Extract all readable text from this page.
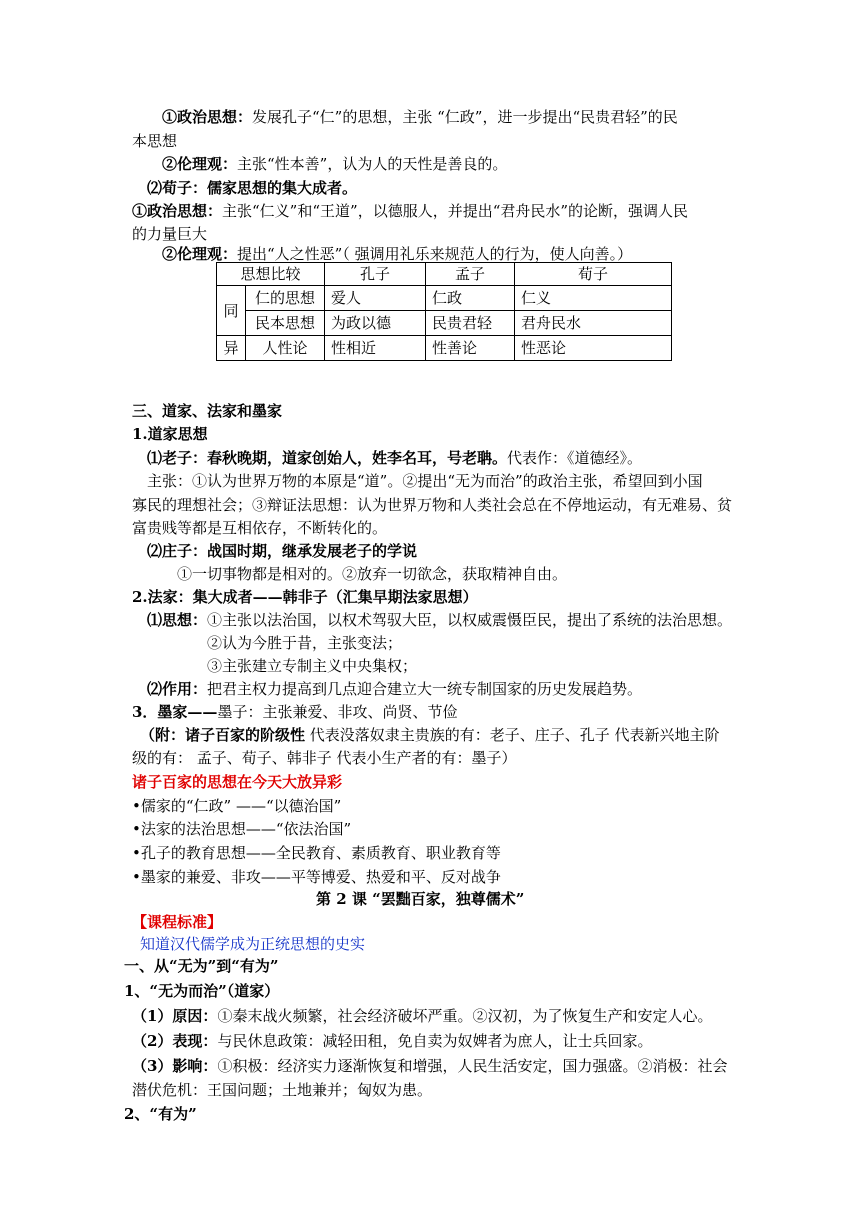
①政治思想：发展孔子“仁”的思想，主张 “仁政”，进一步提出“民贵君轻”的民
本思想
②伦理观：主张“性本善”，认为人的天性是善良的。
⑵荀子：儒家思想的集大成者。
①政治思想：主张“仁义”和“王道”，以德服人，并提出“君舟民水”的论断，强调人民
的力量巨大
②伦理观：提出“人之性恶”（ 强调用礼乐来规范人的行为，使人向善。）
思想比较		孔子	孟子	荀子
同	仁的思想	爱人	仁政	仁义
	民本思想	为政以德	民贵君轻	君舟民水
异	人性论	性相近	性善论	性恶论
三、道家、法家和墨家
1.道家思想
⑴老子：春秋晚期，道家创始人，姓李名耳，号老聃。代表作：《道德经》。
主张：①认为世界万物的本原是“道”。②提出“无为而治”的政治主张，希望回到小国
寡民的理想社会；③辩证法思想：认为世界万物和人类社会总在不停地运动，有无难易、贫
富贵贱等都是互相依存，不断转化的。
⑵庄子：战国时期，继承发展老子的学说
①一切事物都是相对的。②放弃一切欲念，获取精神自由。
2.法家：集大成者——韩非子（汇集早期法家思想）
⑴思想：①主张以法治国，以权术驾驭大臣，以权威震慑臣民，提出了系统的法治思想。
②认为今胜于昔，主张变法；
③主张建立专制主义中央集权；
⑵作用：把君主权力提高到几点迎合建立大一统专制国家的历史发展趋势。
3．墨家——墨子：主张兼爱、非攻、尚贤、节俭
（附：诸子百家的阶级性 代表没落奴隶主贵族的有：老子、庄子、孔子 代表新兴地主阶
级的有： 孟子、荀子、韩非子 代表小生产者的有：墨子）
诸子百家的思想在今天大放异彩
•儒家的“仁政” ——“以德治国”
•法家的法治思想——“依法治国”
•孔子的教育思想——全民教育、素质教育、职业教育等
•墨家的兼爱、非攻——平等博爱、热爱和平、反对战争
第 2 课 “罢黜百家，独尊儒术”
【课程标准】
知道汉代儒学成为正统思想的史实
一、从“无为”到“有为”
1、“无为而治”（道家）
（1）原因：①秦末战火频繁，社会经济破坏严重。②汉初，为了恢复生产和安定人心。
（2）表现：与民休息政策：减轻田租，免自卖为奴婢者为庶人，让士兵回家。
（3）影响：①积极：经济实力逐渐恢复和增强，人民生活安定，国力强盛。②消极：社会
潜伏危机：王国问题；土地兼并；匈奴为患。
2、“有为”
